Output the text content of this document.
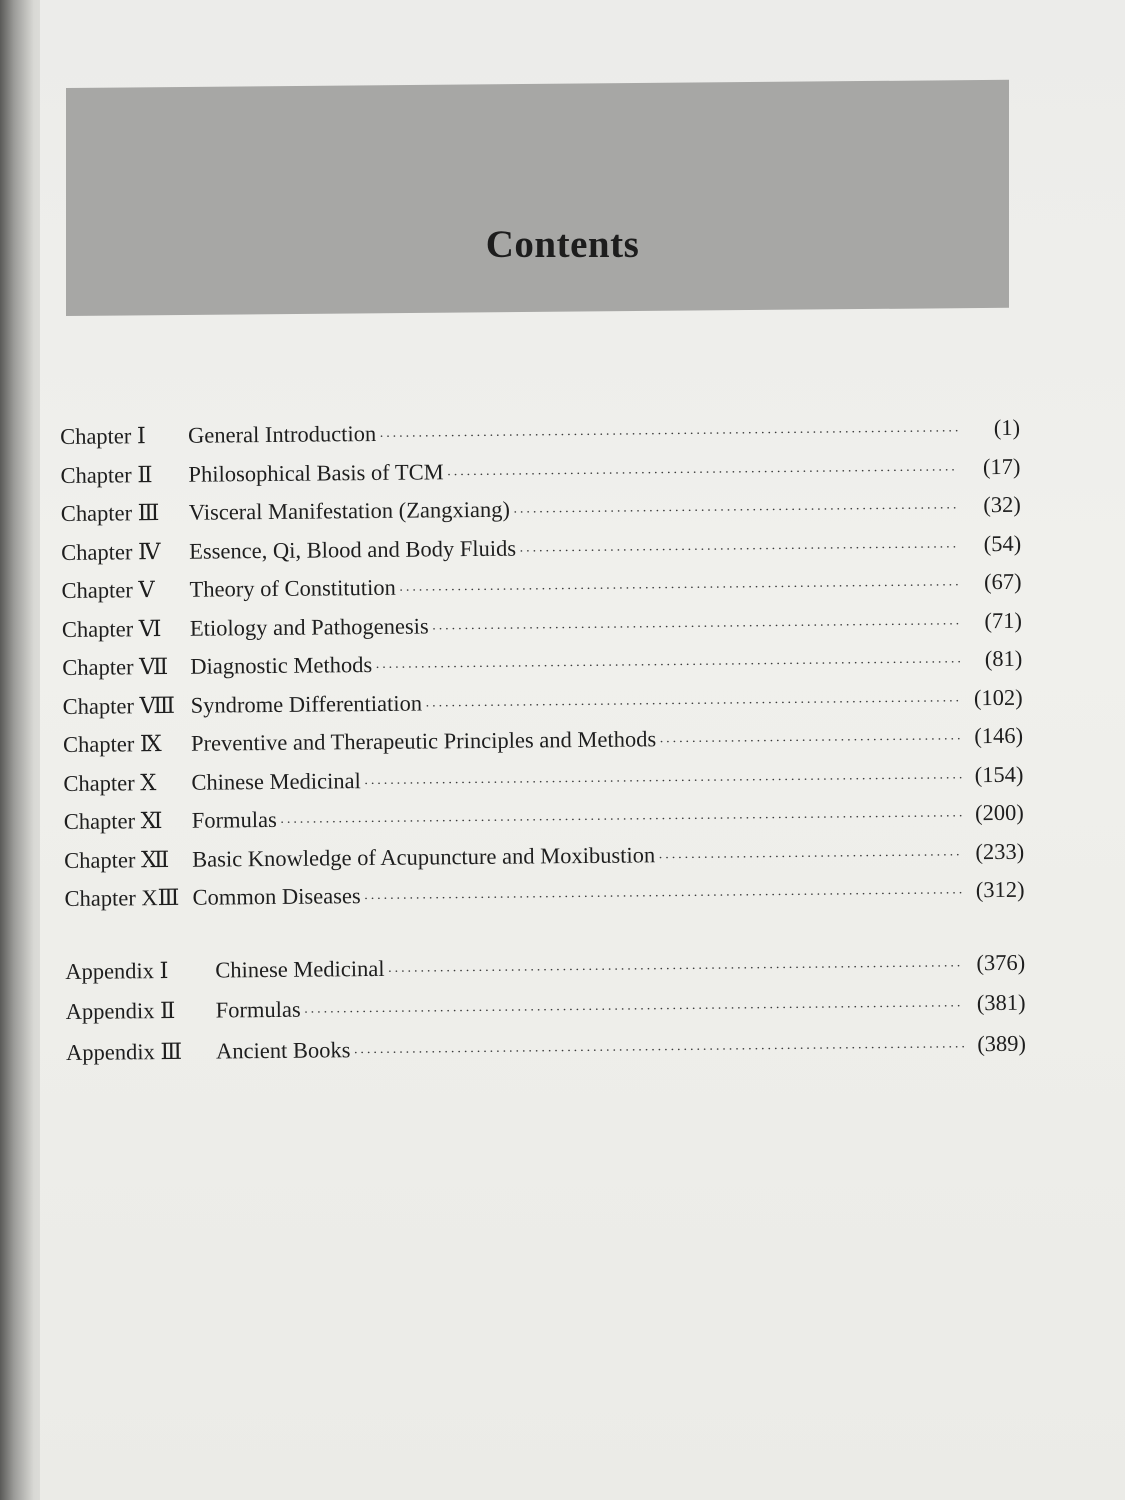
Contents
Chapter Ⅰ	General Introduction ·····	(1)
Chapter Ⅱ	Philosophical Basis of TCM ·····	(17)
Chapter Ⅲ	Visceral Manifestation (Zangxiang) ·····	(32)
Chapter Ⅳ	Essence, Qi, Blood and Body Fluids ·····	(54)
Chapter Ⅴ	Theory of Constitution ·····	(67)
Chapter Ⅵ	Etiology and Pathogenesis ·····	(71)
Chapter Ⅶ Diagnostic Methods ·····	(81)
Chapter Ⅷ Syndrome Differentiation ·····	(102)
Chapter Ⅸ	Preventive and Therapeutic Principles and Methods ·····	(146)
Chapter Ⅹ	Chinese Medicinal ·····	(154)
Chapter Ⅺ	Formulas ·····	(200)
Chapter Ⅻ	Basic Knowledge of Acupuncture and Moxibustion ·····	(233)
Chapter XⅢ Common Diseases ·····	(312)
Appendix Ⅰ	Chinese Medicinal ·····	(376)
Appendix Ⅱ	Formulas ·····	(381)
Appendix Ⅲ	Ancient Books ·····	(389)
